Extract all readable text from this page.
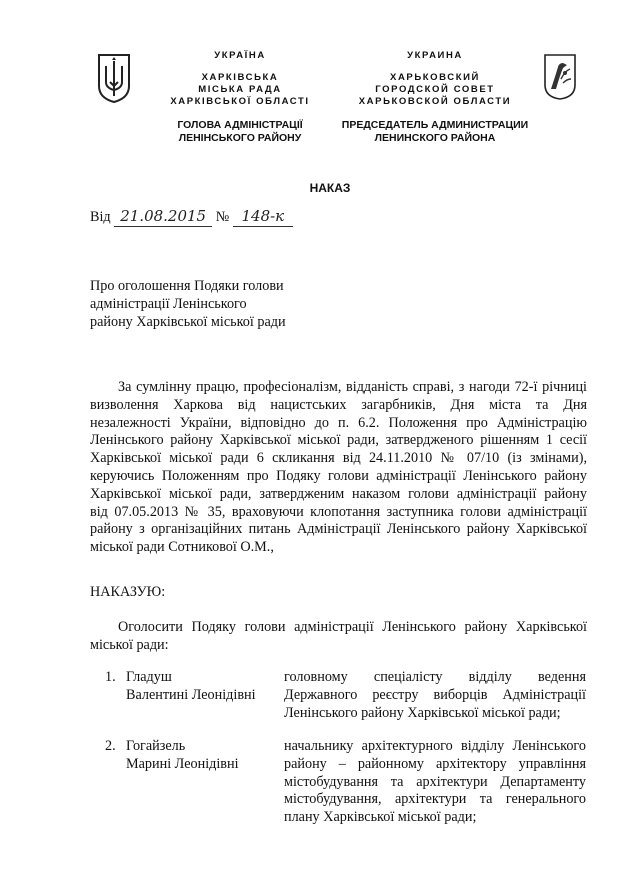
УКРАЇНА
ХАРКІВСЬКА
МІСЬКА РАДА
ХАРКІВСЬКОЇ ОБЛАСТІ
ГОЛОВА АДМІНІСТРАЦІЇ
ЛЕНІНСЬКОГО РАЙОНУ
УКРАИНА
ХАРЬКОВСКИЙ
ГОРОДСКОЙ СОВЕТ
ХАРЬКОВСКОЙ ОБЛАСТИ
ПРЕДСЕДАТЕЛЬ АДМИНИСТРАЦИИ
ЛЕНИНСКОГО РАЙОНА
НАКАЗ
Від 21.08.2015 № 148-к
Про оголошення Подяки голови
адміністрації Ленінського
району Харківської міської ради
За сумлінну працю, професіоналізм, відданість справі, з нагоди 72-ї річниці
визволення Харкова від нацистських загарбників, Дня міста та Дня
незалежності України, відповідно до п. 6.2. Положення про Адміністрацію
Ленінського району Харківської міської ради, затвердженого рішенням 1 сесії
Харківської міської ради 6 скликання від 24.11.2010 № 07/10 (із змінами),
керуючись Положенням про Подяку голови адміністрації Ленінського району
Харківської міської ради, затвердженим наказом голови адміністрації району
від 07.05.2013 № 35, враховуючи клопотання заступника голови адміністрації
району з організаційних питань Адміністрації Ленінського району Харківської
міської ради Сотникової О.М.,
НАКАЗУЮ:
Оголосити Подяку голови адміністрації Ленінського району Харківської
міської ради:
1. Гладуш
Валентині Леонідівні
головному спеціалісту відділу ведення
Державного реєстру виборців Адміністрації
Ленінського району Харківської міської ради;
2. Гогайзель
Марині Леонідівні
начальнику архітектурного відділу Ленінського
району – районному архітектору управління
містобудування та архітектури Департаменту
містобудування, архітектури та генерального
плану Харківської міської ради;
